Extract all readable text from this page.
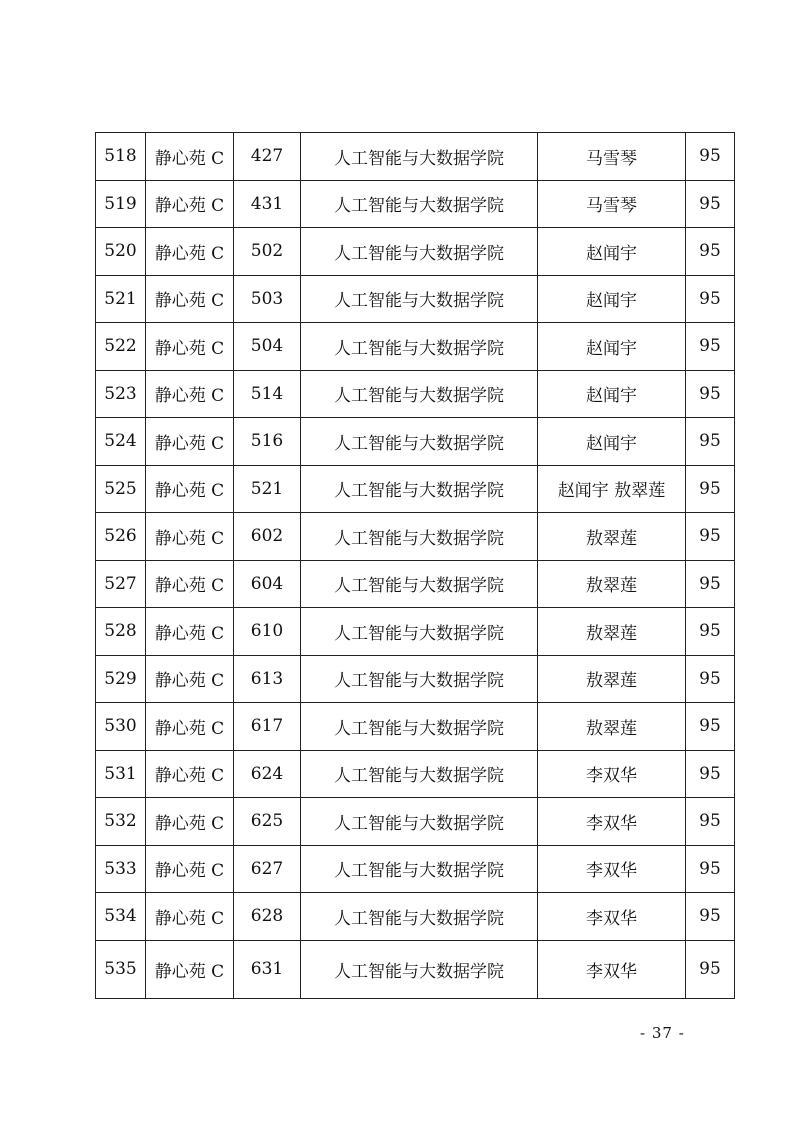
518	静心苑 C	427	人工智能与大数据学院	马雪琴	95
519	静心苑 C	431	人工智能与大数据学院	马雪琴	95
520	静心苑 C	502	人工智能与大数据学院	赵闻宇	95
521	静心苑 C	503	人工智能与大数据学院	赵闻宇	95
522	静心苑 C	504	人工智能与大数据学院	赵闻宇	95
523	静心苑 C	514	人工智能与大数据学院	赵闻宇	95
524	静心苑 C	516	人工智能与大数据学院	赵闻宇	95
525	静心苑 C	521	人工智能与大数据学院	赵闻宇 敖翠莲	95
526	静心苑 C	602	人工智能与大数据学院	敖翠莲	95
527	静心苑 C	604	人工智能与大数据学院	敖翠莲	95
528	静心苑 C	610	人工智能与大数据学院	敖翠莲	95
529	静心苑 C	613	人工智能与大数据学院	敖翠莲	95
530	静心苑 C	617	人工智能与大数据学院	敖翠莲	95
531	静心苑 C	624	人工智能与大数据学院	李双华	95
532	静心苑 C	625	人工智能与大数据学院	李双华	95
533	静心苑 C	627	人工智能与大数据学院	李双华	95
534	静心苑 C	628	人工智能与大数据学院	李双华	95
535	静心苑 C	631	人工智能与大数据学院	李双华	95
- 37 -
